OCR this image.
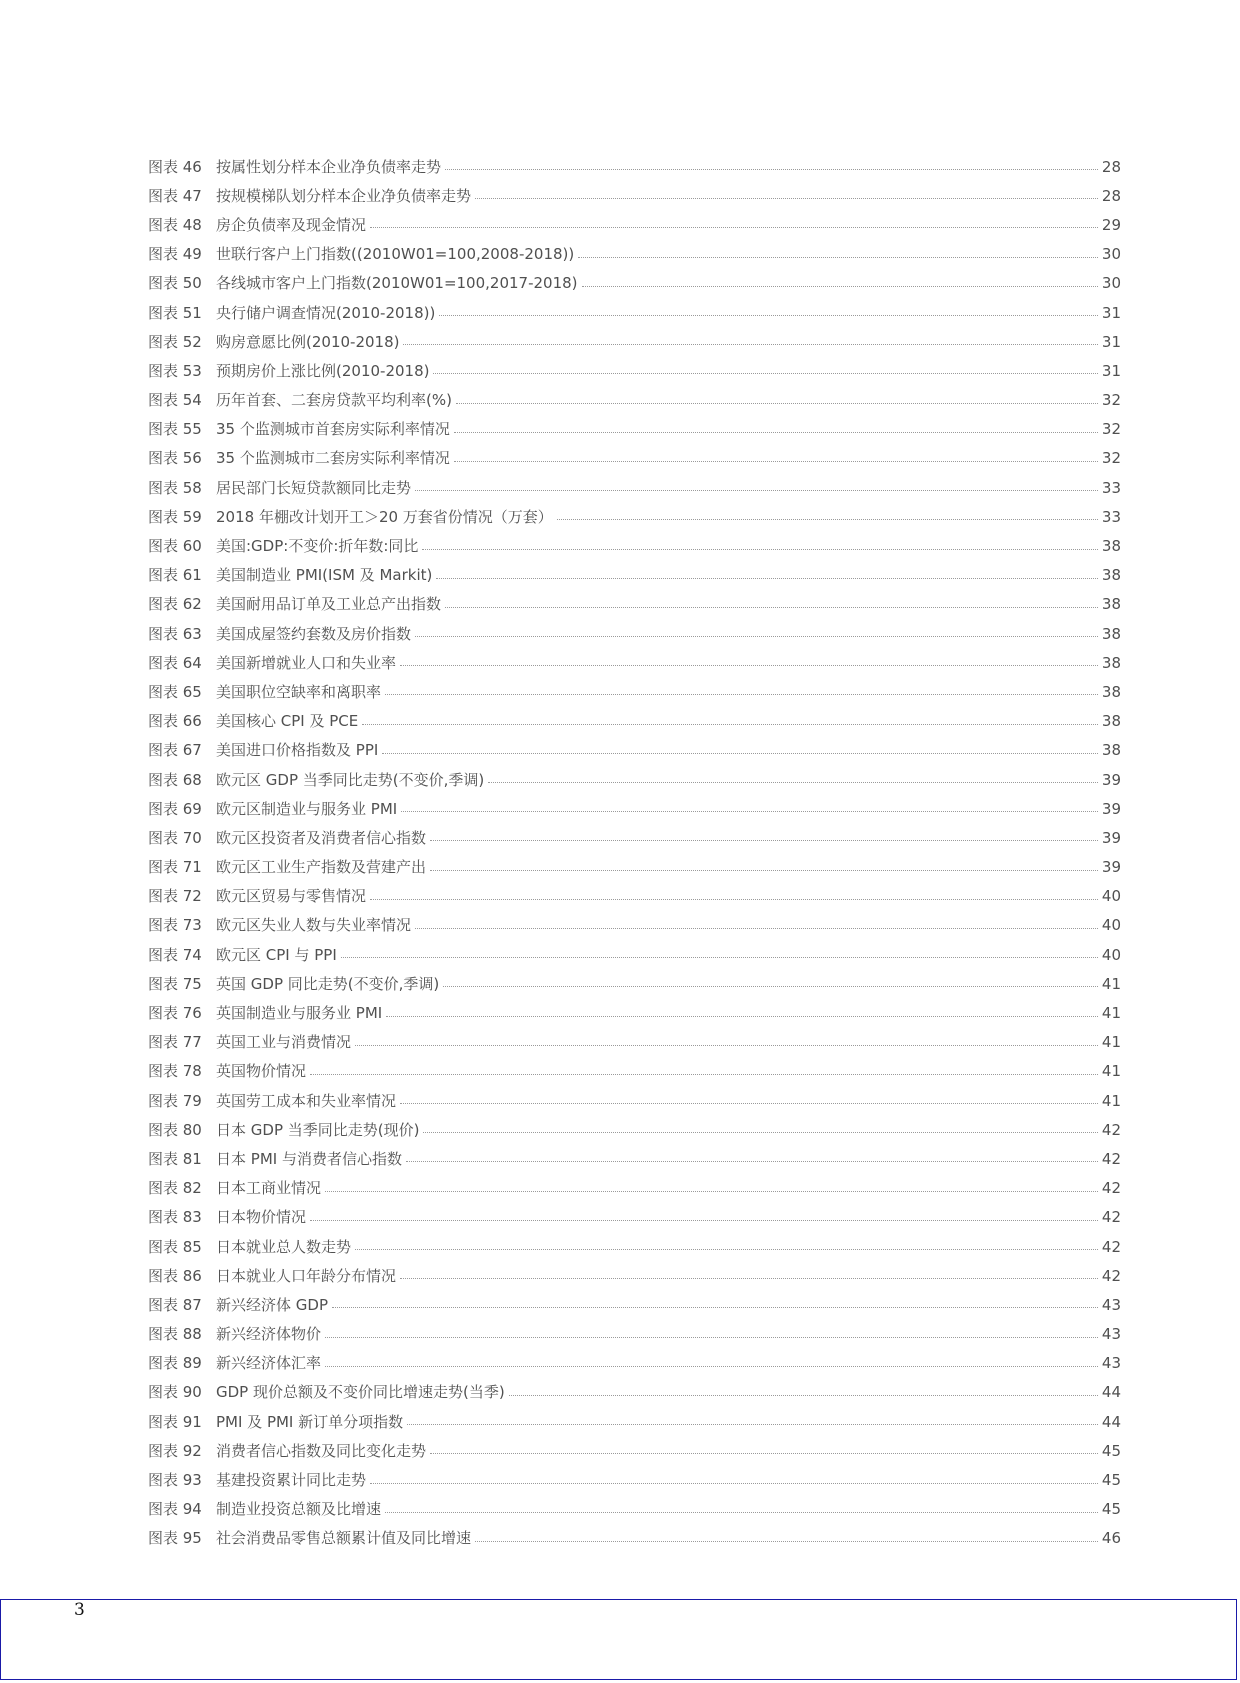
图表 46 按属性划分样本企业净负债率走势	28
图表 47 按规模梯队划分样本企业净负债率走势	28
图表 48 房企负债率及现金情况	29
图表 49 世联行客户上门指数((2010W01=100,2008-2018))	30
图表 50 各线城市客户上门指数(2010W01=100,2017-2018)	30
图表 51 央行储户调查情况(2010-2018))	31
图表 52 购房意愿比例(2010-2018)	31
图表 53 预期房价上涨比例(2010-2018)	31
图表 54 历年首套、二套房贷款平均利率(%)	32
图表 55 35 个监测城市首套房实际利率情况	32
图表 56 35 个监测城市二套房实际利率情况	32
图表 58 居民部门长短贷款额同比走势	33
图表 59 2018 年棚改计划开工＞20 万套省份情况（万套）	33
图表 60 美国:GDP:不变价:折年数:同比	38
图表 61 美国制造业 PMI(ISM 及 Markit)	38
图表 62 美国耐用品订单及工业总产出指数	38
图表 63 美国成屋签约套数及房价指数	38
图表 64 美国新增就业人口和失业率	38
图表 65 美国职位空缺率和离职率	38
图表 66 美国核心 CPI 及 PCE	38
图表 67 美国进口价格指数及 PPI	38
图表 68 欧元区 GDP 当季同比走势(不变价,季调)	39
图表 69 欧元区制造业与服务业 PMI	39
图表 70 欧元区投资者及消费者信心指数	39
图表 71 欧元区工业生产指数及营建产出	39
图表 72 欧元区贸易与零售情况	40
图表 73 欧元区失业人数与失业率情况	40
图表 74 欧元区 CPI 与 PPI	40
图表 75 英国 GDP 同比走势(不变价,季调)	41
图表 76 英国制造业与服务业 PMI	41
图表 77 英国工业与消费情况	41
图表 78 英国物价情况	41
图表 79 英国劳工成本和失业率情况	41
图表 80 日本 GDP 当季同比走势(现价)	42
图表 81 日本 PMI 与消费者信心指数	42
图表 82 日本工商业情况	42
图表 83 日本物价情况	42
图表 85 日本就业总人数走势	42
图表 86 日本就业人口年龄分布情况	42
图表 87 新兴经济体 GDP	43
图表 88 新兴经济体物价	43
图表 89 新兴经济体汇率	43
图表 90 GDP 现价总额及不变价同比增速走势(当季)	44
图表 91 PMI 及 PMI 新订单分项指数	44
图表 92 消费者信心指数及同比变化走势	45
图表 93 基建投资累计同比走势	45
图表 94 制造业投资总额及比增速	45
图表 95 社会消费品零售总额累计值及同比增速	46
3
